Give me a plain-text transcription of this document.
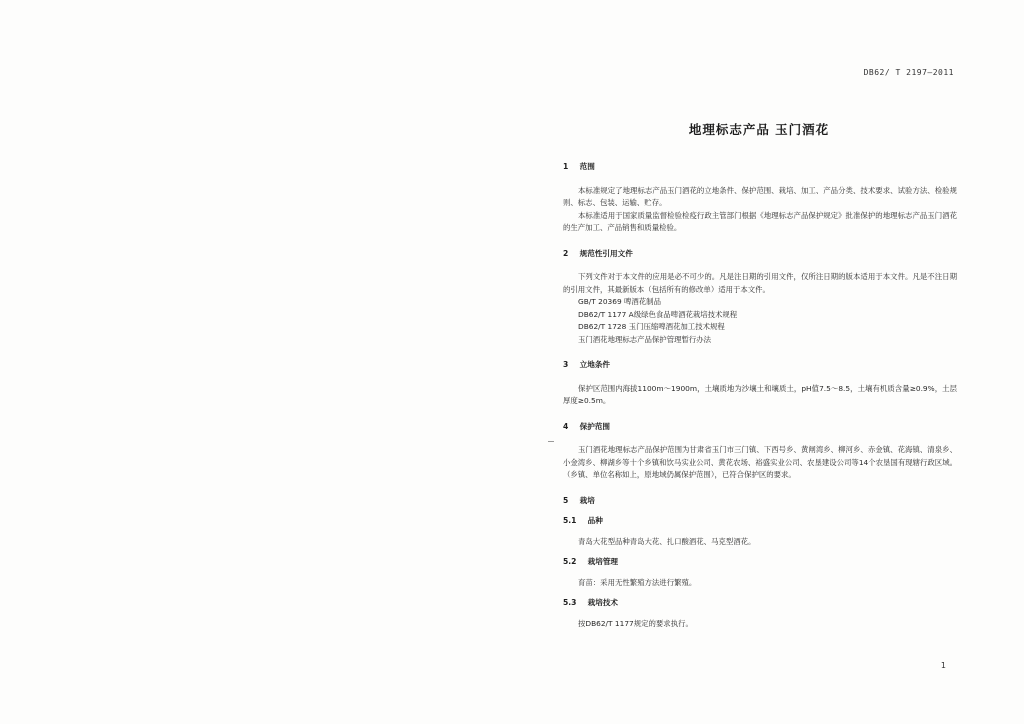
DB62/ T 2197—2011
地理标志产品 玉门酒花

1 范围

本标准规定了地理标志产品玉门酒花的立地条件、保护范围、栽培、加工、产品分类、技术要求、试验方法、检验规则、标志、包装、运输、贮存。

本标准适用于国家质量监督检验检疫行政主管部门根据《地理标志产品保护规定》批准保护的地理标志产品玉门酒花的生产加工、产品销售和质量检验。

2 规范性引用文件

下列文件对于本文件的应用是必不可少的。凡是注日期的引用文件，仅所注日期的版本适用于本文件。凡是不注日期的引用文件，其最新版本（包括所有的修改单）适用于本文件。

GB/T 20369 啤酒花制品

DB62/T 1177 A级绿色食品啤酒花栽培技术规程

DB62/T 1728 玉门压缩啤酒花加工技术规程

玉门酒花地理标志产品保护管理暂行办法

3 立地条件

保护区范围内海拔1100m～1900m，土壤质地为沙壤土和壤质土，pH值7.5～8.5，土壤有机质含量≥0.9%，土层厚度≥0.5m。

4 保护范围

玉门酒花地理标志产品保护范围为甘肃省玉门市三门镇、下西号乡、黄闸湾乡、柳河乡、赤金镇、花海镇、清泉乡、小金湾乡、柳湖乡等十个乡镇和饮马实业公司、黄花农场、裕盛实业公司、农垦建设公司等14个农垦国有现辖行政区域。（乡镇、单位名称如上，原地域仍属保护范围），已符合保护区的要求。

5 栽培

5.1 品种

青岛大花型品种青岛大花、扎口酸酒花、马克型酒花。

5.2 栽培管理

育苗：采用无性繁殖方法进行繁殖。

5.3 栽培技术

按DB62/T 1177规定的要求执行。

1
